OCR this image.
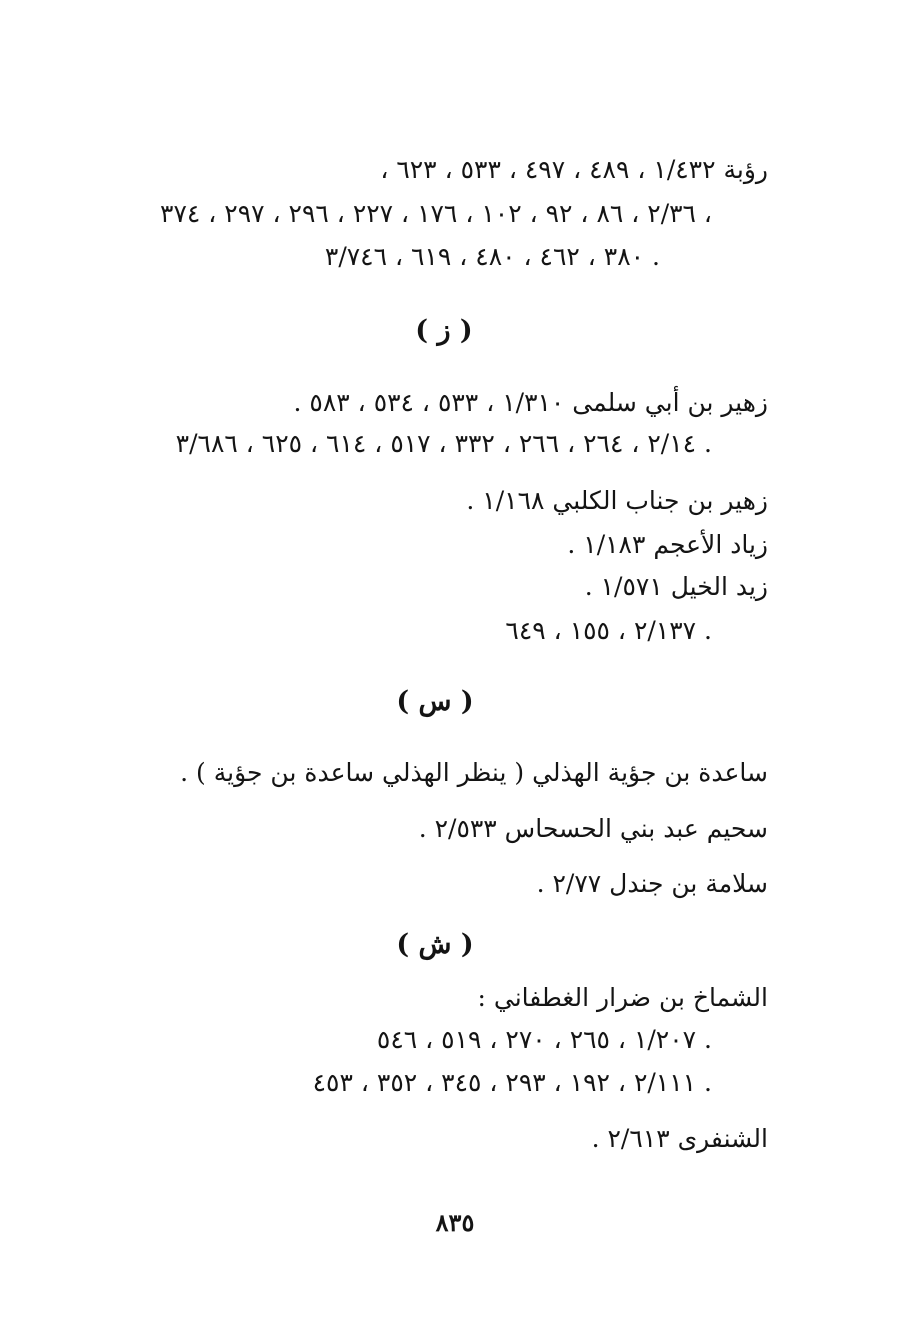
رؤبة ١/٤٣٢ ، ٤٨٩ ، ٤٩٧ ، ٥٣٣ ، ٦٢٣ ،
٢/٣٦ ، ٨٦ ، ٩٢ ، ١٠٢ ، ١٧٦ ، ٢٢٧ ، ٢٩٦ ، ٢٩٧ ، ٣٧٤ ،
٣٨٠ ، ٤٦٢ ، ٤٨٠ ، ٦١٩ ، ٣/٧٤٦ .
( ز )
زهير بن أبي سلمى ١/٣١٠ ، ٥٣٣ ، ٥٣٤ ، ٥٨٣ .
٢/١٤ ، ٢٦٤ ، ٢٦٦ ، ٣٣٢ ، ٥١٧ ، ٦١٤ ، ٦٢٥ ، ٣/٦٨٦ .
زهير بن جناب الكلبي ١/١٦٨ .
زياد الأعجم ١/١٨٣ .
زيد الخيل ١/٥٧١ .
٢/١٣٧ ، ١٥٥ ، ٦٤٩ .
( س )
ساعدة بن جؤية الهذلي ( ينظر الهذلي ساعدة بن جؤية ) .
سحيم عبد بني الحسحاس ٢/٥٣٣ .
سلامة بن جندل ٢/٧٧ .
( ش )
الشماخ بن ضرار الغطفاني :
١/٢٠٧ ، ٢٦٥ ، ٢٧٠ ، ٥١٩ ، ٥٤٦ .
٢/١١١ ، ١٩٢ ، ٢٩٣ ، ٣٤٥ ، ٣٥٢ ، ٤٥٣ .
الشنفرى ٢/٦١٣ .
٨٣٥
